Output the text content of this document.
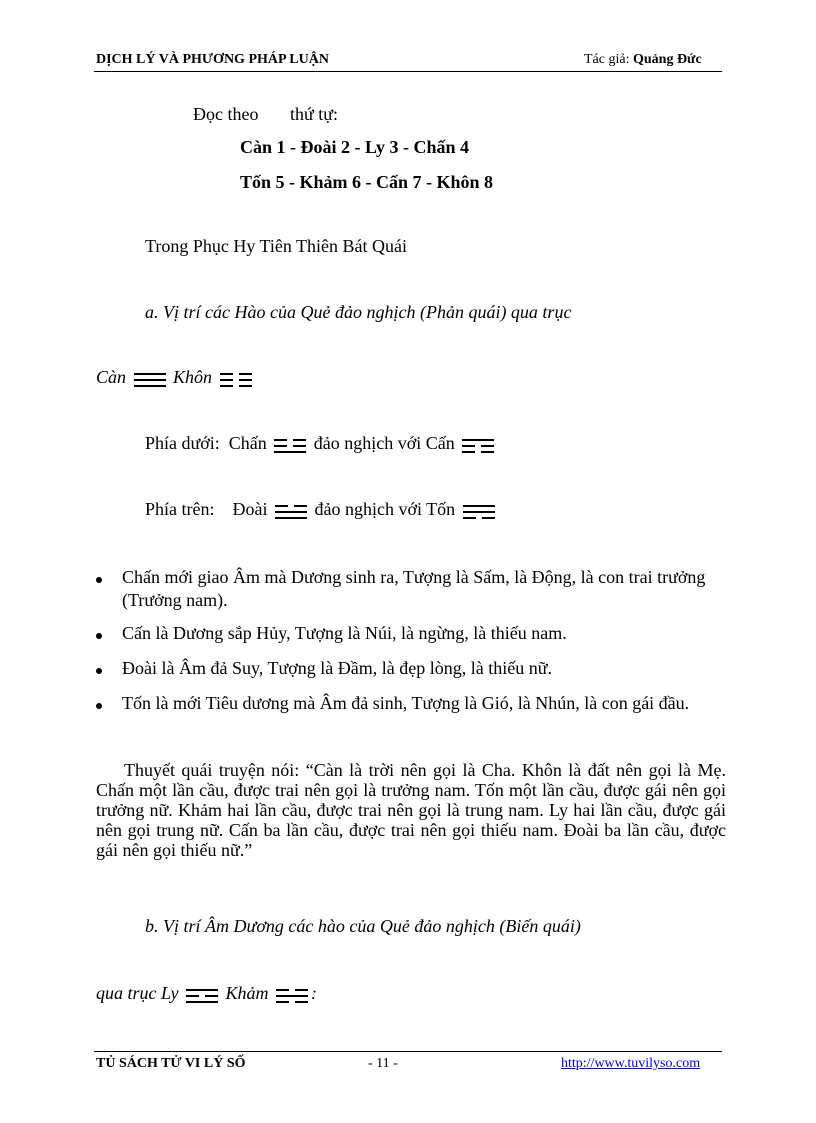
DỊCH LÝ VÀ PHƯƠNG PHÁP LUẬN	Tác giả: Quảng Đức
Đọc theo thứ tự:
Càn 1 - Đoài 2 - Ly 3 - Chấn 4
Tốn 5 - Khảm 6 - Cấn 7 - Khôn 8
Trong Phục Hy Tiên Thiên Bát Quái
a. Vị trí các Hào của Quẻ đảo nghịch (Phản quái) qua trục
Càn	Khôn
Phía dưới: Chấn	đảo nghịch với Cấn
Phía trên: Đoài	đảo nghịch với Tốn
Chấn mới giao Âm mà Dương sinh ra, Tượng là Sấm, là Động, là con trai trưởng
(Trưởng nam).
Cấn là Dương sắp Hủy, Tượng là Núi, là ngừng, là thiếu nam.
Đoài là Âm đả Suy, Tượng là Đầm, là đẹp lòng, là thiếu nữ.
Tốn là mới Tiêu dương mà Âm đả sinh, Tượng là Gió, là Nhún, là con gái đầu.

Thuyết quái truyện nói: “Càn là trời nên gọi là Cha. Khôn là đất nên gọi là Mẹ. Chấn một lần cầu, được trai nên gọi là trưởng nam. Tốn một lần cầu, được gái nên gọi trưởng nữ. Khảm hai lần cầu, được trai nên gọi là trung nam. Ly hai lần cầu, được gái nên gọi trung nữ. Cấn ba lần cầu, được trai nên gọi thiếu nam. Đoài ba lần cầu, được gái nên gọi thiếu nữ.”

b. Vị trí Âm Dương các hào của Quẻ đảo nghịch (Biến quái)
qua trục Ly	Khảm :
TỦ SÁCH TỬ VI LÝ SỐ	- 11 -	http://www.tuvilyso.com
